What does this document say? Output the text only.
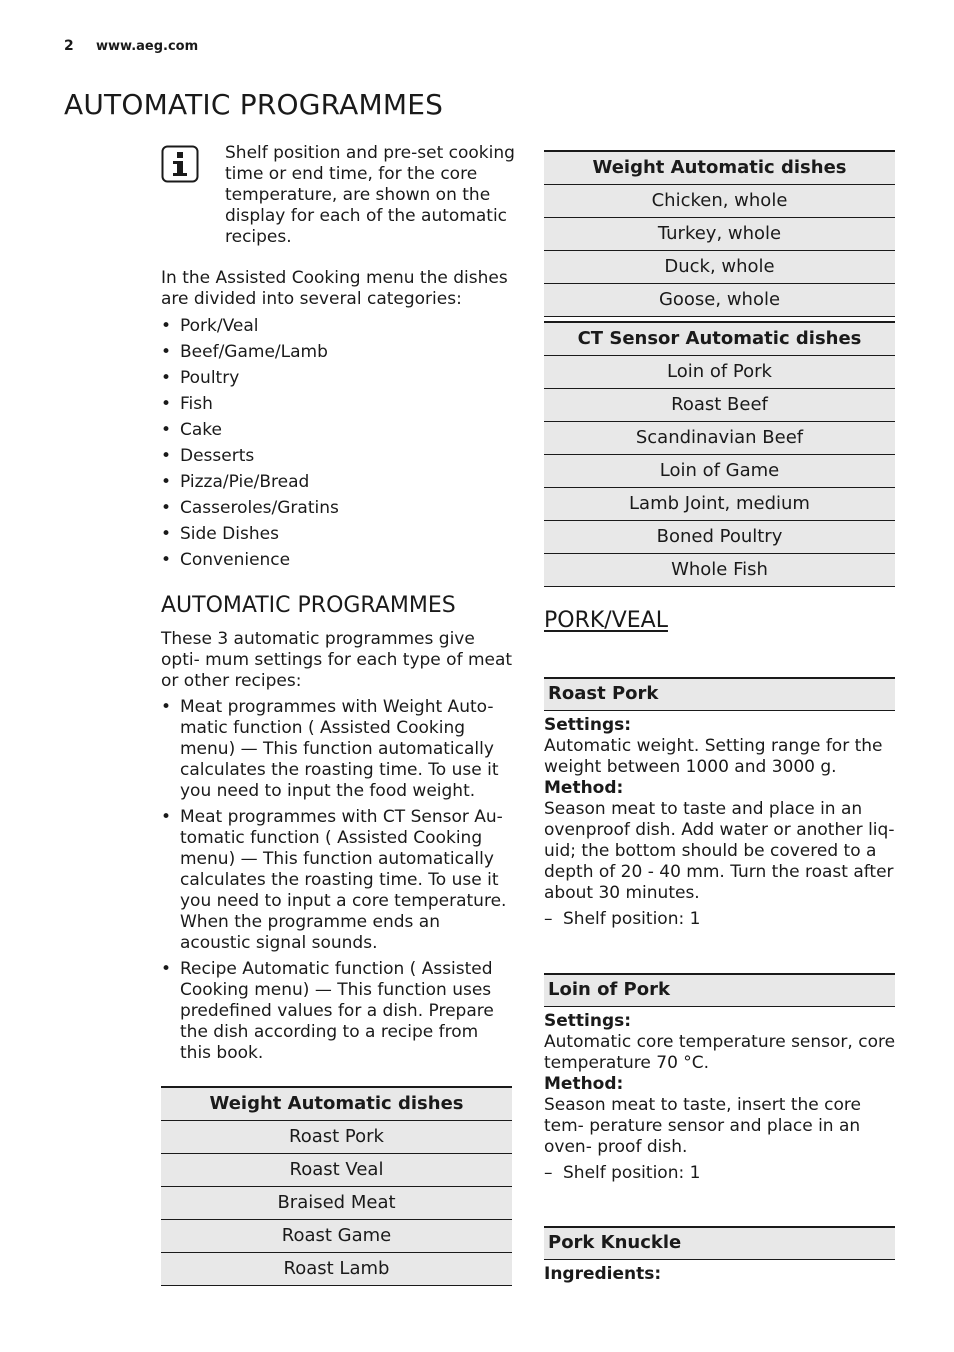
2 www.aeg.com
AUTOMATIC PROGRAMMES
Shelf position and pre-set cooking time or end time, for the core temperature, are shown on the display for each of the automatic recipes.

In the Assisted Cooking menu the dishes are divided into several categories:

• Pork/Veal
• Beef/Game/Lamb
• Poultry
• Fish
• Cake
• Desserts
• Pizza/Pie/Bread
• Casseroles/Gratins
• Side Dishes
• Convenience
AUTOMATIC PROGRAMMES

These 3 automatic programmes give opti- mum settings for each type of meat or other recipes:

• Meat programmes with Weight Auto- matic function ( Assisted Cooking menu) — This function automatically calculates the roasting time. To use it you need to input the food weight.
• Meat programmes with CT Sensor Au- tomatic function ( Assisted Cooking menu) — This function automatically calculates the roasting time. To use it you need to input a core temperature. When the programme ends an acoustic signal sounds.
• Recipe Automatic function ( Assisted Cooking menu) — This function uses predefined values for a dish. Prepare the dish according to a recipe from this book.
Weight Automatic dishes
Roast Pork
Roast Veal
Braised Meat
Roast Game
Roast Lamb
Weight Automatic dishes
Chicken, whole
Turkey, whole
Duck, whole
Goose, whole
CT Sensor Automatic dishes
Loin of Pork
Roast Beef
Scandinavian Beef
Loin of Game
Lamb Joint, medium
Boned Poultry
Whole Fish
PORK/VEAL
Roast Pork

Settings:

Automatic weight. Setting range for the weight between 1000 and 3000 g.

Method:

Season meat to taste and place in an ovenproof dish. Add water or another liq- uid; the bottom should be covered to a depth of 20 - 40 mm. Turn the roast after about 30 minutes.

– Shelf position: 1

Loin of Pork

Settings:

Automatic core temperature sensor, core temperature 70 °C.

Method:

Season meat to taste, insert the core tem- perature sensor and place in an oven- proof dish.

– Shelf position: 1

Pork Knuckle

Ingredients:
